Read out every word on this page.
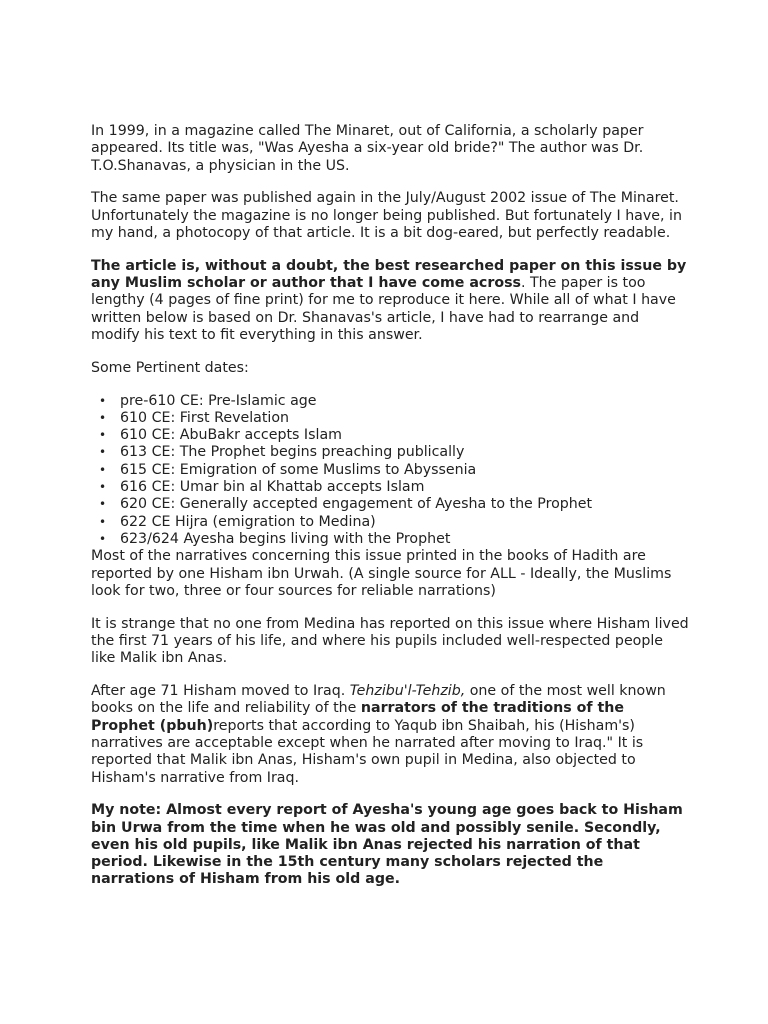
In 1999, in a magazine called The Minaret, out of California, a scholarly paper appeared. Its title was, "Was Ayesha a six-year old bride?" The author was Dr. T.O.Shanavas, a physician in the US.

The same paper was published again in the July/August 2002 issue of The Minaret. Unfortunately the magazine is no longer being published. But fortunately I have, in my hand, a photocopy of that article. It is a bit dog-eared, but perfectly readable.

The article is, without a doubt, the best researched paper on this issue by any Muslim scholar or author that I have come across. The paper is too lengthy (4 pages of fine print) for me to reproduce it here. While all of what I have written below is based on Dr. Shanavas's article, I have had to rearrange and modify his text to fit everything in this answer.

Some Pertinent dates:

• pre-610 CE: Pre-Islamic age
• 610 CE: First Revelation
• 610 CE: AbuBakr accepts Islam
• 613 CE: The Prophet begins preaching publically
• 615 CE: Emigration of some Muslims to Abyssenia
• 616 CE: Umar bin al Khattab accepts Islam
• 620 CE: Generally accepted engagement of Ayesha to the Prophet
• 622 CE Hijra (emigration to Medina)
• 623/624 Ayesha begins living with the Prophet

Most of the narratives concerning this issue printed in the books of Hadith are reported by one Hisham ibn Urwah. (A single source for ALL - Ideally, the Muslims look for two, three or four sources for reliable narrations)

It is strange that no one from Medina has reported on this issue where Hisham lived the first 71 years of his life, and where his pupils included well-respected people like Malik ibn Anas.

After age 71 Hisham moved to Iraq. Tehzibu'l-Tehzib, one of the most well known books on the life and reliability of the narrators of the traditions of the Prophet (pbuh)reports that according to Yaqub ibn Shaibah, his (Hisham's) narratives are acceptable except when he narrated after moving to Iraq." It is reported that Malik ibn Anas, Hisham's own pupil in Medina, also objected to Hisham's narrative from Iraq.

My note: Almost every report of Ayesha's young age goes back to Hisham bin Urwa from the time when he was old and possibly senile. Secondly, even his old pupils, like Malik ibn Anas rejected his narration of that period. Likewise in the 15th century many scholars rejected the narrations of Hisham from his old age.
